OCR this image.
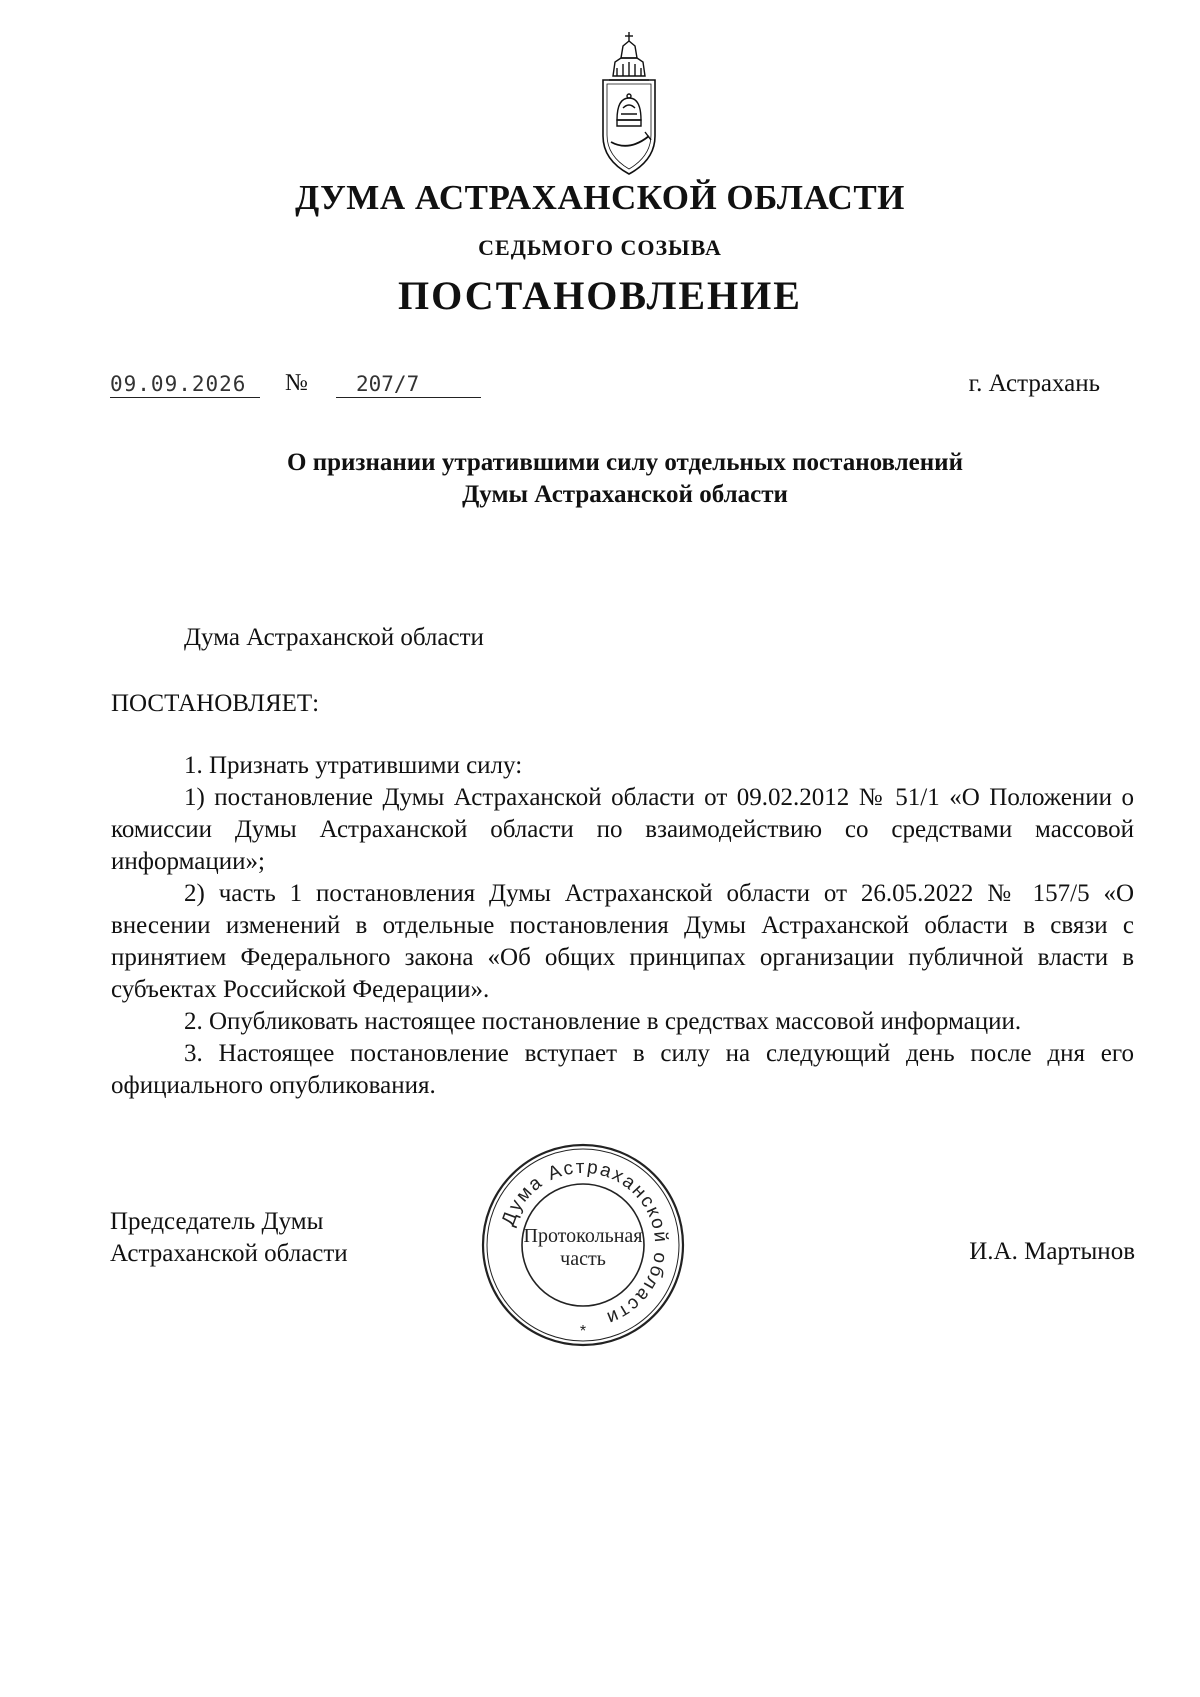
ДУМА АСТРАХАНСКОЙ ОБЛАСТИ
СЕДЬМОГО СОЗЫВА
ПОСТАНОВЛЕНИЕ
09.09.2026	№	207/7	г. Астрахань
О признании утратившими силу отдельных постановлений
Думы Астраханской области
Дума Астраханской области
ПОСТАНОВЛЯЕТ:
1. Признать утратившими силу:
1) постановление Думы Астраханской области от 09.02.2012 № 51/1 «О Положении о комиссии Думы Астраханской области по взаимодействию со средствами массовой информации»;
2) часть 1 постановления Думы Астраханской области от 26.05.2022 № 157/5 «О внесении изменений в отдельные постановления Думы Астраханской области в связи с принятием Федерального закона «Об общих принципах организации публичной власти в субъектах Российской Федерации».
2. Опубликовать настоящее постановление в средствах массовой информации.
3. Настоящее постановление вступает в силу на следующий день после дня его официального опубликования.
Председатель Думы
Астраханской области	И.А. Мартынов
Дума Астраханской области
Протокольная
часть
*
